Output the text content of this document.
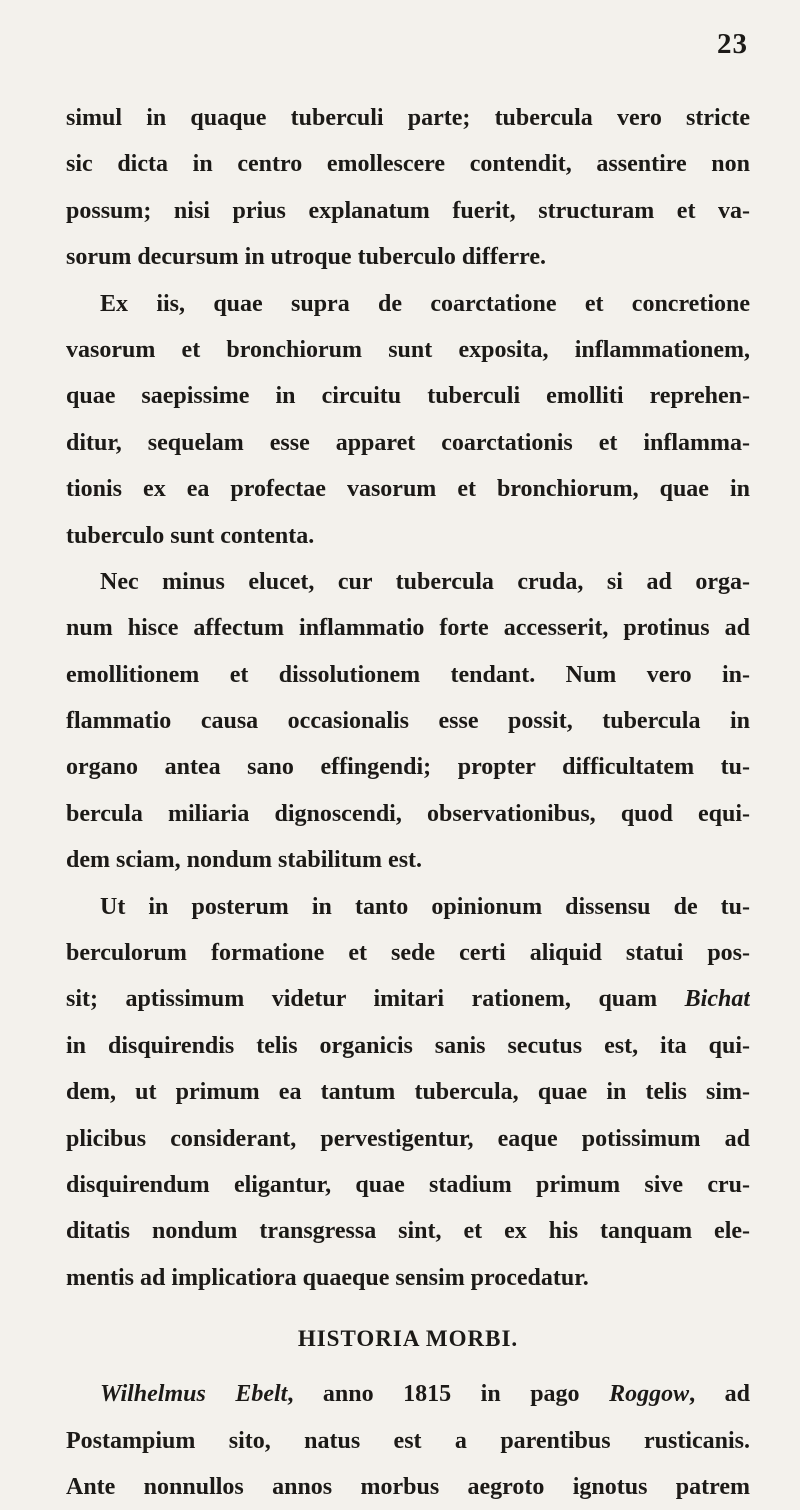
23
simul in quaque tuberculi parte; tubercula vero stricte
sic dicta in centro emollescere contendit, assentire non
possum; nisi prius explanatum fuerit, structuram et va-
sorum decursum in utroque tuberculo differre.
Ex iis, quae supra de coarctatione et concretione
vasorum et bronchiorum sunt exposita, inflammationem,
quae saepissime in circuitu tuberculi emolliti reprehen-
ditur, sequelam esse apparet coarctationis et inflamma-
tionis ex ea profectae vasorum et bronchiorum, quae in
tuberculo sunt contenta.
Nec minus elucet, cur tubercula cruda, si ad orga-
num hisce affectum inflammatio forte accesserit, protinus ad
emollitionem et dissolutionem tendant. Num vero in-
flammatio causa occasionalis esse possit, tubercula in
organo antea sano effingendi; propter difficultatem tu-
bercula miliaria dignoscendi, observationibus, quod equi-
dem sciam, nondum stabilitum est.
Ut in posterum in tanto opinionum dissensu de tu-
berculorum formatione et sede certi aliquid statui pos-
sit; aptissimum videtur imitari rationem, quam Bichat
in disquirendis telis organicis sanis secutus est, ita qui-
dem, ut primum ea tantum tubercula, quae in telis sim-
plicibus considerant, pervestigentur, eaque potissimum ad
disquirendum eligantur, quae stadium primum sive cru-
ditatis nondum transgressa sint, et ex his tanquam ele-
mentis ad implicatiora quaeque sensim procedatur.
HISTORIA MORBI.
Wilhelmus Ebelt, anno 1815 in pago Roggow, ad
Postampium sito, natus est a parentibus rusticanis.
Ante nonnullos annos morbus aegroto ignotus patrem
